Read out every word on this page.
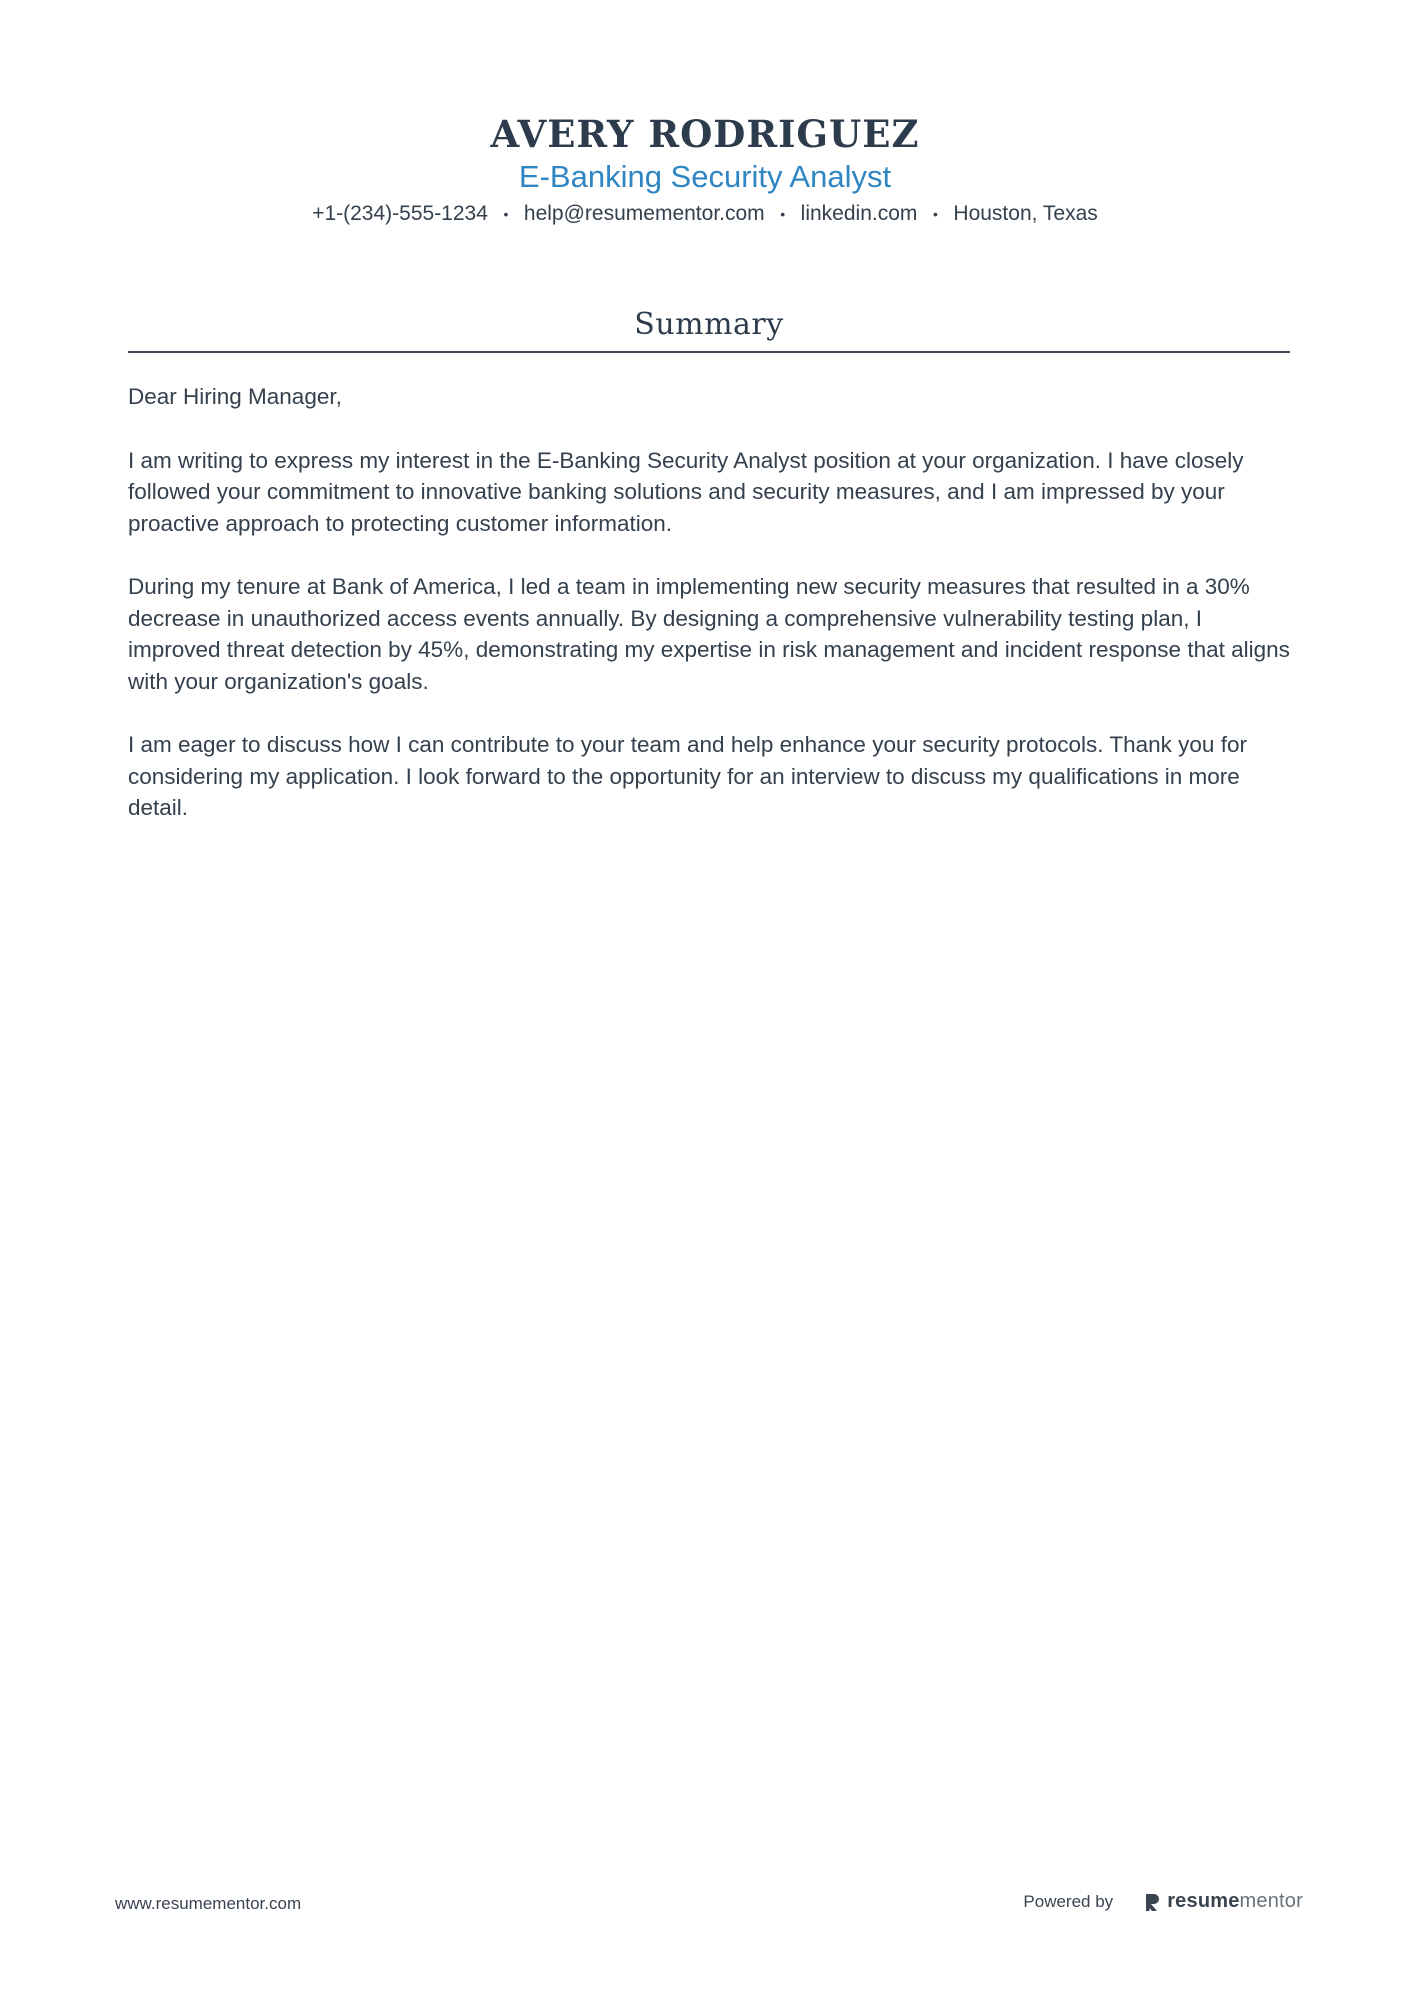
AVERY RODRIGUEZ
E-Banking Security Analyst
+1-(234)-555-1234	• help@resumementor.com	• linkedin.com	• Houston, Texas
Summary

Dear Hiring Manager,

I am writing to express my interest in the E-Banking Security Analyst position at your organization. I have closely followed your commitment to innovative banking solutions and security measures, and I am impressed by your proactive approach to protecting customer information.

During my tenure at Bank of America, I led a team in implementing new security measures that resulted in a 30% decrease in unauthorized access events annually. By designing a comprehensive vulnerability testing plan, I improved threat detection by 45%, demonstrating my expertise in risk management and incident response that aligns with your organization's goals.

I am eager to discuss how I can contribute to your team and help enhance your security protocols. Thank you for considering my application. I look forward to the opportunity for an interview to discuss my qualifications in more detail.

www.resumementor.com	Powered by	resumementor
